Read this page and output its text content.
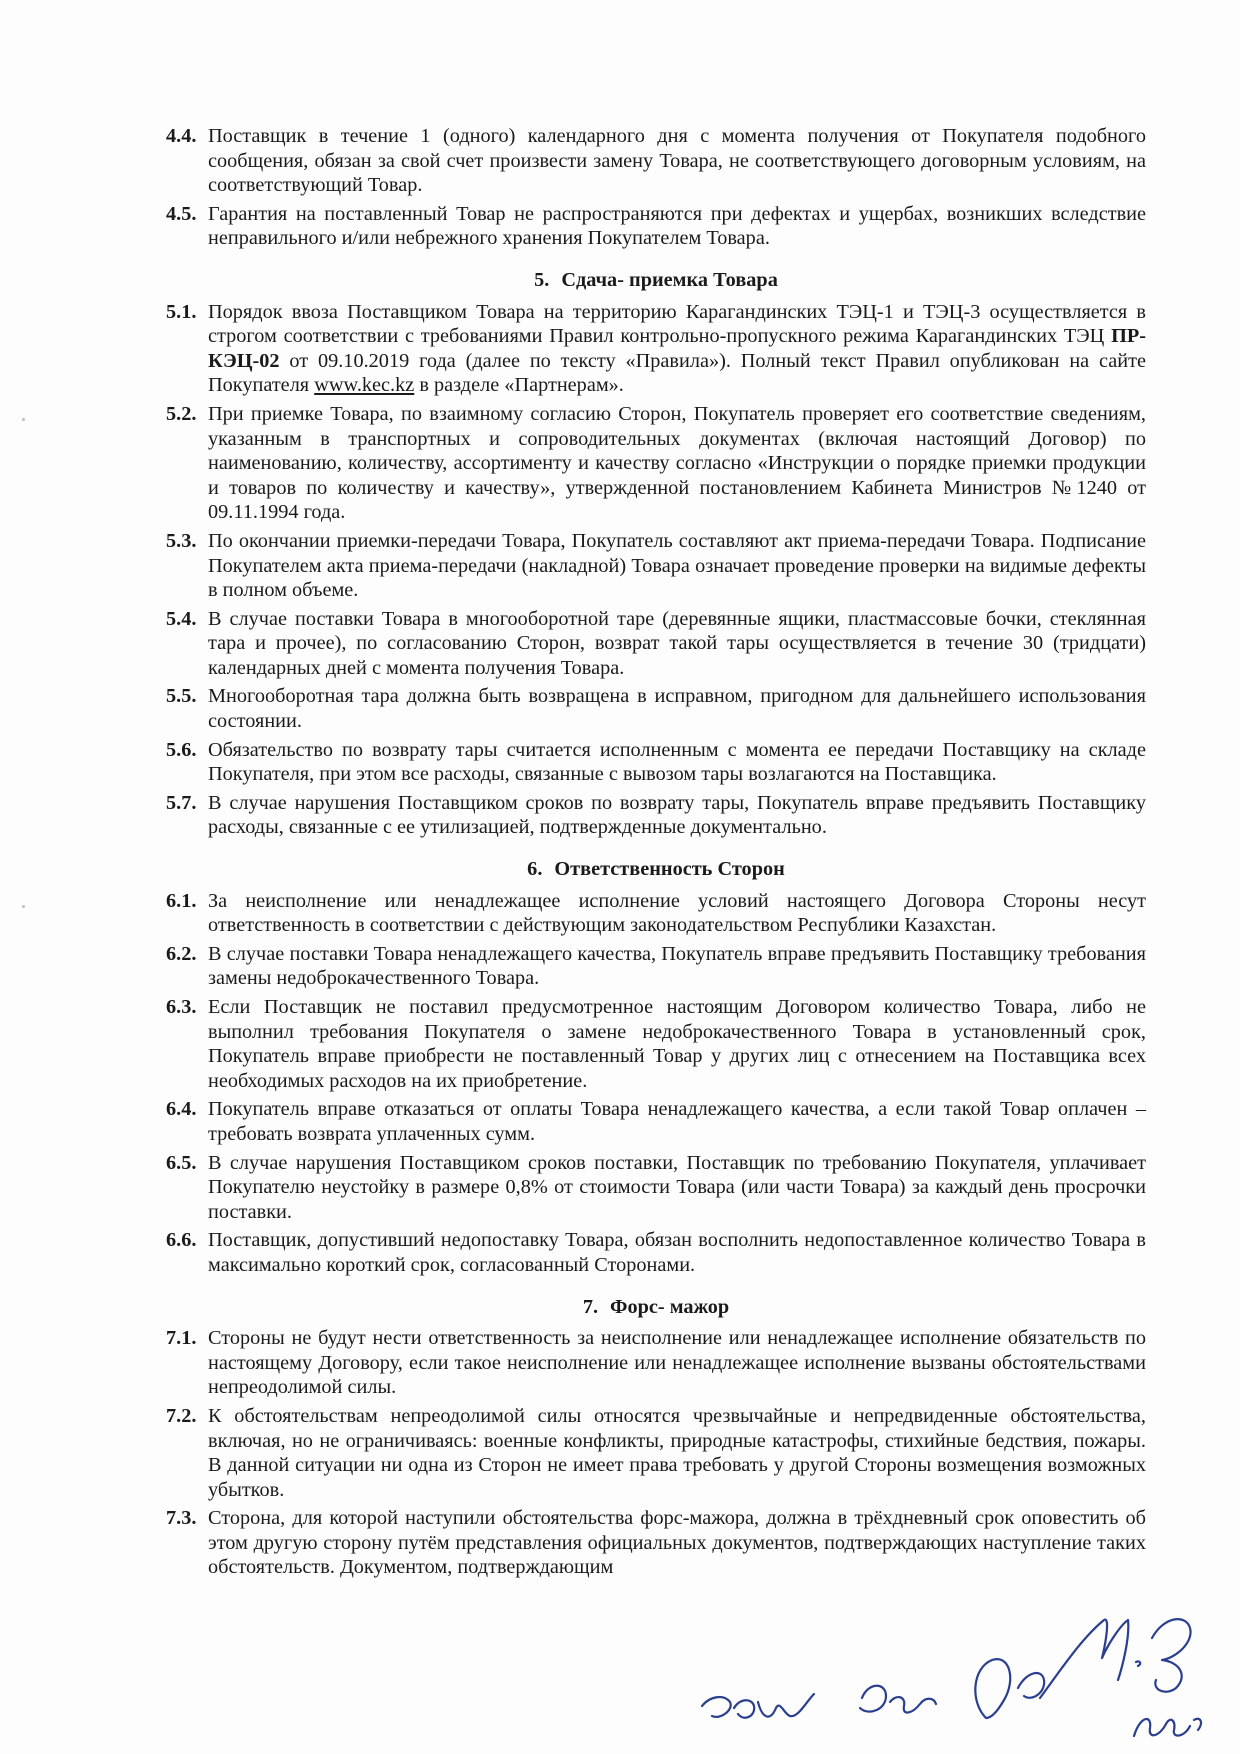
4.4. Поставщик в течение 1 (одного) календарного дня с момента получения от Покупателя подобного сообщения, обязан за свой счет произвести замену Товара, не соответствующего договорным условиям, на соответствующий Товар.
4.5. Гарантия на поставленный Товар не распространяются при дефектах и ущербах, возникших вследствие неправильного и/или небрежного хранения Покупателем Товара.
5. Сдача- приемка Товара
5.1. Порядок ввоза Поставщиком Товара на территорию Карагандинских ТЭЦ-1 и ТЭЦ-3 осуществляется в строгом соответствии с требованиями Правил контрольно-пропускного режима Карагандинских ТЭЦ ПР-КЭЦ-02 от 09.10.2019 года (далее по тексту «Правила»). Полный текст Правил опубликован на сайте Покупателя www.kec.kz в разделе «Партнерам».
5.2. При приемке Товара, по взаимному согласию Сторон, Покупатель проверяет его соответствие сведениям, указанным в транспортных и сопроводительных документах (включая настоящий Договор) по наименованию, количеству, ассортименту и качеству согласно «Инструкции о порядке приемки продукции и товаров по количеству и качеству», утвержденной постановлением Кабинета Министров №1240 от 09.11.1994 года.
5.3. По окончании приемки-передачи Товара, Покупатель составляют акт приема-передачи Товара. Подписание Покупателем акта приема-передачи (накладной) Товара означает проведение проверки на видимые дефекты в полном объеме.
5.4. В случае поставки Товара в многооборотной таре (деревянные ящики, пластмассовые бочки, стеклянная тара и прочее), по согласованию Сторон, возврат такой тары осуществляется в течение 30 (тридцати) календарных дней с момента получения Товара.
5.5. Многооборотная тара должна быть возвращена в исправном, пригодном для дальнейшего использования состоянии.
5.6. Обязательство по возврату тары считается исполненным с момента ее передачи Поставщику на складе Покупателя, при этом все расходы, связанные с вывозом тары возлагаются на Поставщика.
5.7. В случае нарушения Поставщиком сроков по возврату тары, Покупатель вправе предъявить Поставщику расходы, связанные с ее утилизацией, подтвержденные документально.
6. Ответственность Сторон
6.1. За неисполнение или ненадлежащее исполнение условий настоящего Договора Стороны несут ответственность в соответствии с действующим законодательством Республики Казахстан.
6.2. В случае поставки Товара ненадлежащего качества, Покупатель вправе предъявить Поставщику требования замены недоброкачественного Товара.
6.3. Если Поставщик не поставил предусмотренное настоящим Договором количество Товара, либо не выполнил требования Покупателя о замене недоброкачественного Товара в установленный срок, Покупатель вправе приобрести не поставленный Товар у других лиц с отнесением на Поставщика всех необходимых расходов на их приобретение.
6.4. Покупатель вправе отказаться от оплаты Товара ненадлежащего качества, а если такой Товар оплачен – требовать возврата уплаченных сумм.
6.5. В случае нарушения Поставщиком сроков поставки, Поставщик по требованию Покупателя, уплачивает Покупателю неустойку в размере 0,8% от стоимости Товара (или части Товара) за каждый день просрочки поставки.
6.6. Поставщик, допустивший недопоставку Товара, обязан восполнить недопоставленное количество Товара в максимально короткий срок, согласованный Сторонами.
7. Форс- мажор
7.1. Стороны не будут нести ответственность за неисполнение или ненадлежащее исполнение обязательств по настоящему Договору, если такое неисполнение или ненадлежащее исполнение вызваны обстоятельствами непреодолимой силы.
7.2. К обстоятельствам непреодолимой силы относятся чрезвычайные и непредвиденные обстоятельства, включая, но не ограничиваясь: военные конфликты, природные катастрофы, стихийные бедствия, пожары. В данной ситуации ни одна из Сторон не имеет права требовать у другой Стороны возмещения возможных убытков.
7.3. Сторона, для которой наступили обстоятельства форс-мажора, должна в трёхдневный срок оповестить об этом другую сторону путём представления официальных документов, подтверждающих наступление таких обстоятельств. Документом, подтверждающим
